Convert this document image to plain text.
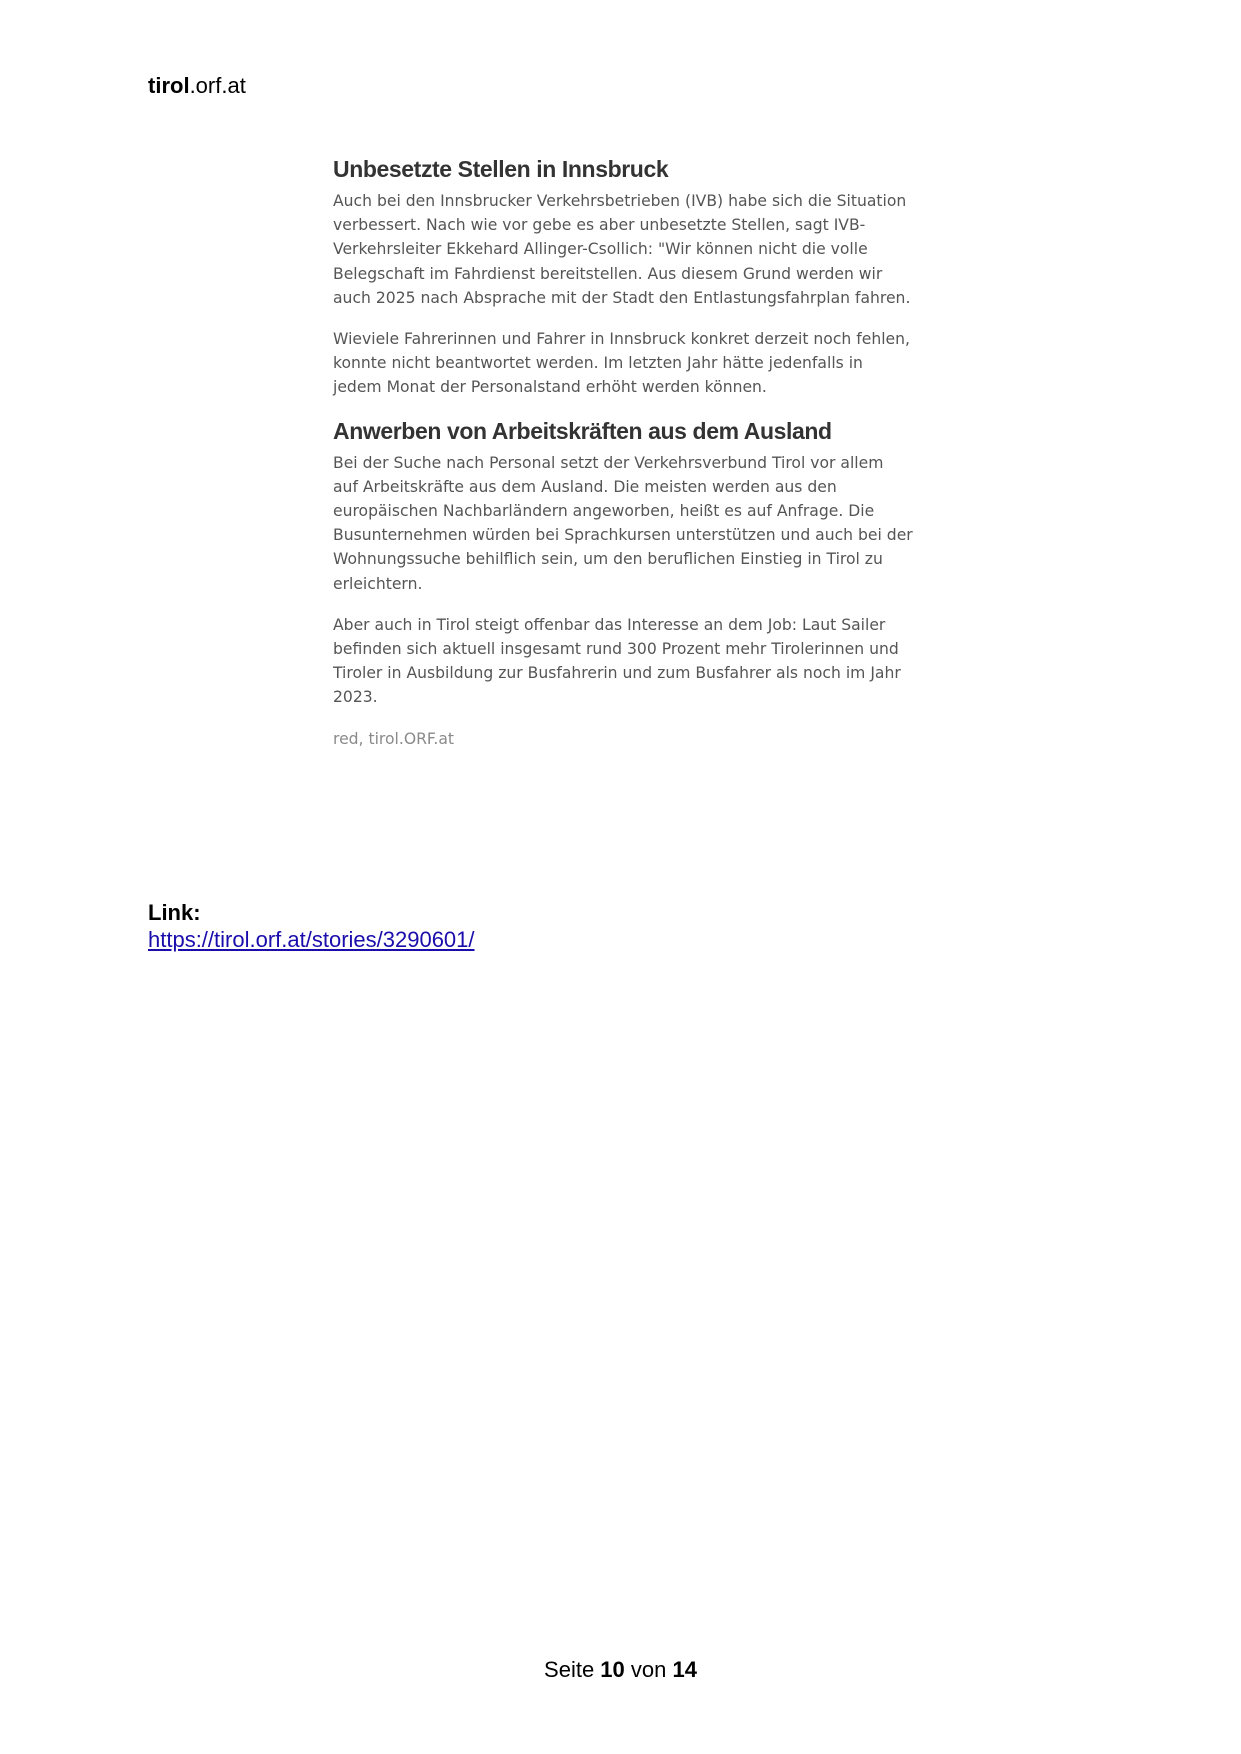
tirol.orf.at
Unbesetzte Stellen in Innsbruck

Auch bei den Innsbrucker Verkehrsbetrieben (IVB) habe sich die Situation verbessert. Nach wie vor gebe es aber unbesetzte Stellen, sagt IVB-Verkehrsleiter Ekkehard Allinger-Csollich: "Wir können nicht die volle Belegschaft im Fahrdienst bereitstellen. Aus diesem Grund werden wir auch 2025 nach Absprache mit der Stadt den Entlastungsfahrplan fahren.

Wieviele Fahrerinnen und Fahrer in Innsbruck konkret derzeit noch fehlen, konnte nicht beantwortet werden. Im letzten Jahr hätte jedenfalls in jedem Monat der Personalstand erhöht werden können.

Anwerben von Arbeitskräften aus dem Ausland

Bei der Suche nach Personal setzt der Verkehrsverbund Tirol vor allem auf Arbeitskräfte aus dem Ausland. Die meisten werden aus den europäischen Nachbarländern angeworben, heißt es auf Anfrage. Die Busunternehmen würden bei Sprachkursen unterstützen und auch bei der Wohnungssuche behilflich sein, um den beruflichen Einstieg in Tirol zu erleichtern.

Aber auch in Tirol steigt offenbar das Interesse an dem Job: Laut Sailer befinden sich aktuell insgesamt rund 300 Prozent mehr Tirolerinnen und Tiroler in Ausbildung zur Busfahrerin und zum Busfahrer als noch im Jahr 2023.

red, tirol.ORF.at
Link:
https://tirol.orf.at/stories/3290601/
Seite 10 von 14
